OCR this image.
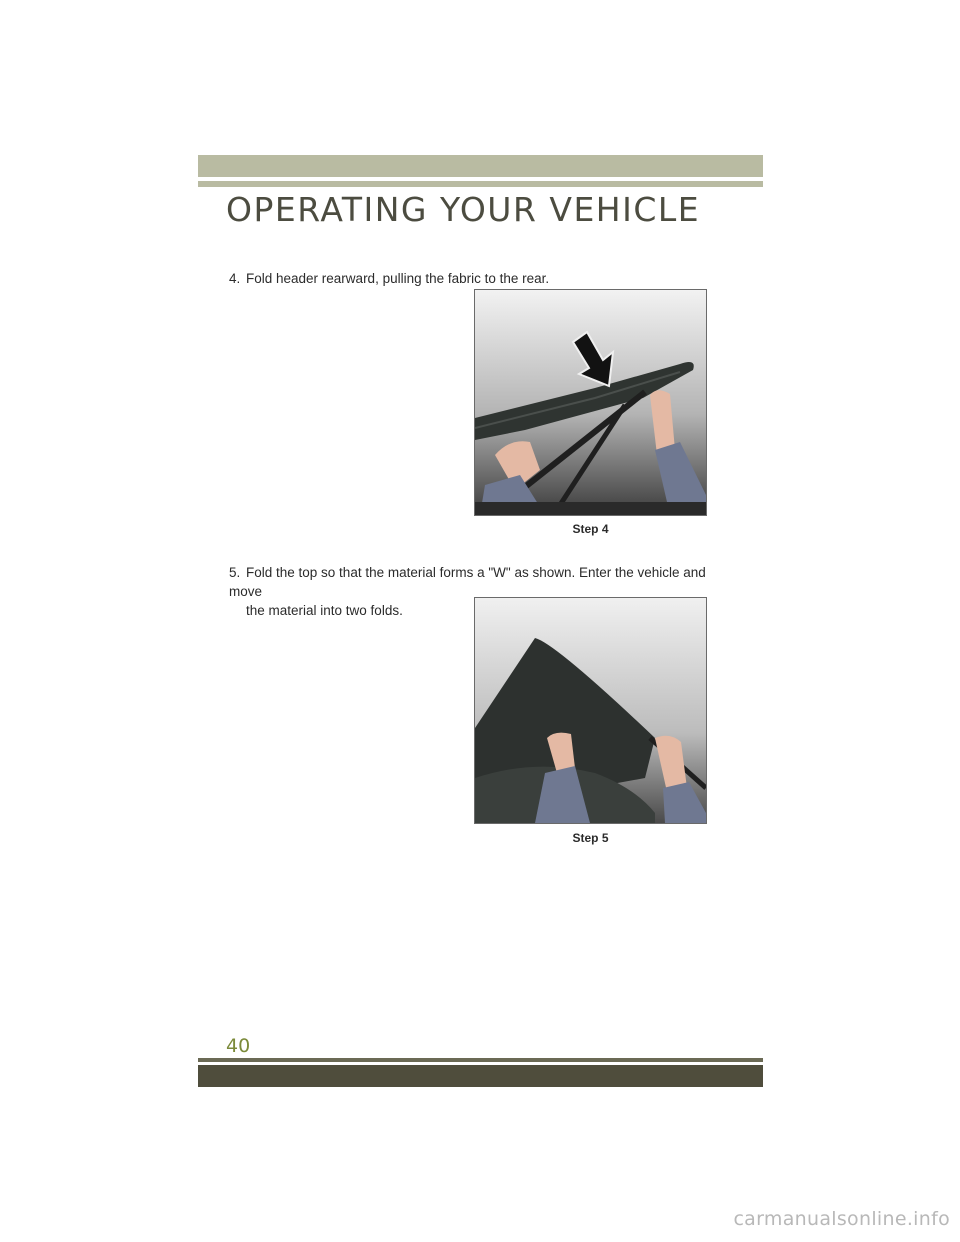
OPERATING YOUR VEHICLE

4. Fold header rearward, pulling the fabric to the rear.

Step 4

5. Fold the top so that the material forms a "W" as shown. Enter the vehicle and move
the material into two folds.

Step 5
40
carmanualsonline.info
